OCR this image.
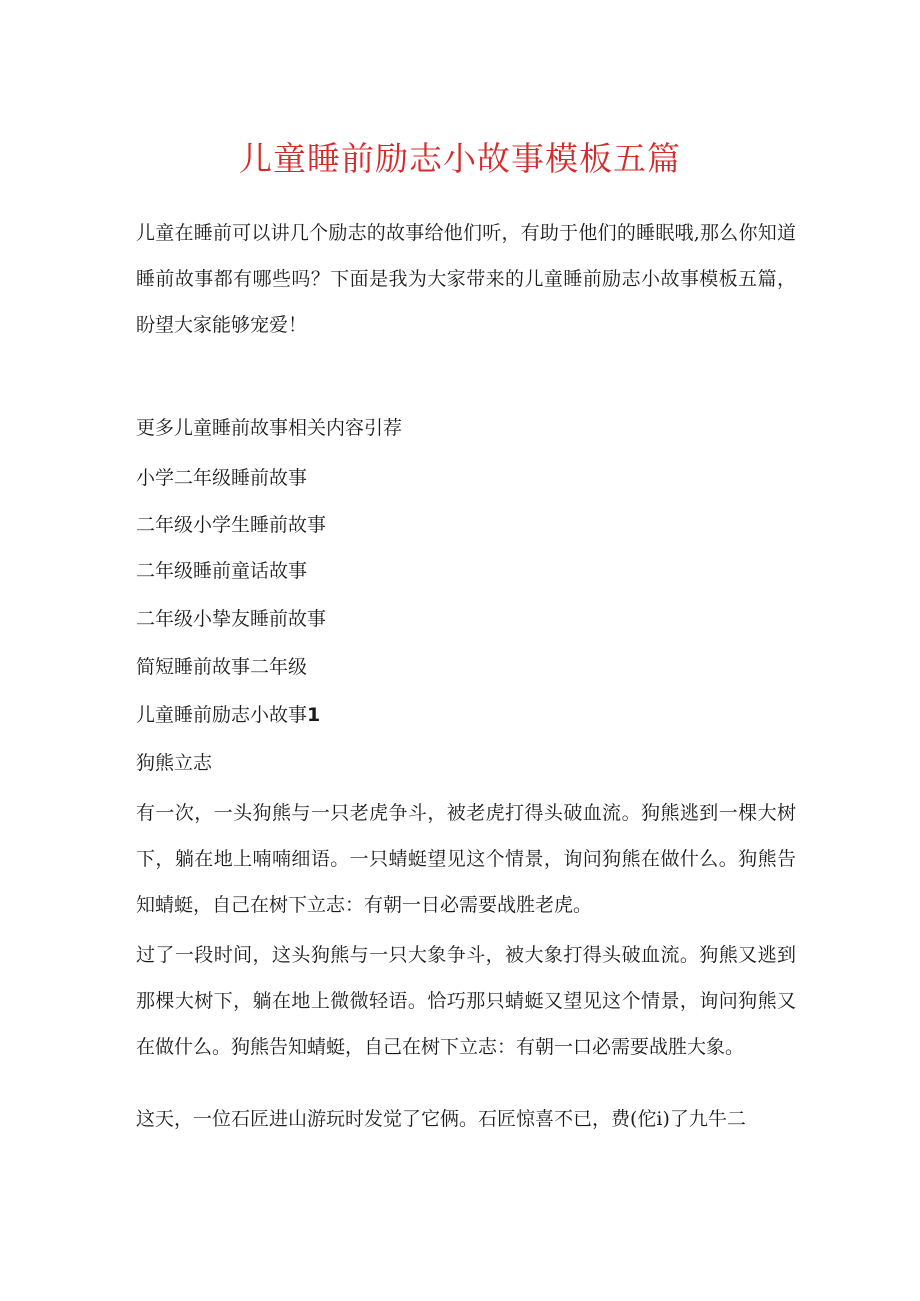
儿童睡前励志小故事模板五篇

儿童在睡前可以讲几个励志的故事给他们听，有助于他们的睡眠哦,那么你知道睡前故事都有哪些吗？下面是我为大家带来的儿童睡前励志小故事模板五篇，盼望大家能够宠爱！

更多儿童睡前故事相关内容引荐

小学二年级睡前故事

二年级小学生睡前故事

二年级睡前童话故事

二年级小挚友睡前故事

简短睡前故事二年级

儿童睡前励志小故事1

狗熊立志

有一次，一头狗熊与一只老虎争斗，被老虎打得头破血流。狗熊逃到一棵大树下，躺在地上喃喃细语。一只蜻蜓望见这个情景，询问狗熊在做什么。狗熊告知蜻蜓，自己在树下立志：有朝一日必需要战胜老虎。

过了一段时间，这头狗熊与一只大象争斗，被大象打得头破血流。狗熊又逃到那棵大树下，躺在地上微微轻语。恰巧那只蜻蜓又望见这个情景，询问狗熊又在做什么。狗熊告知蜻蜓，自己在树下立志：有朝一口必需要战胜大象。

这天，一位石匠进山游玩时发觉了它俩。石匠惊喜不已，费(佗i)了九牛二
